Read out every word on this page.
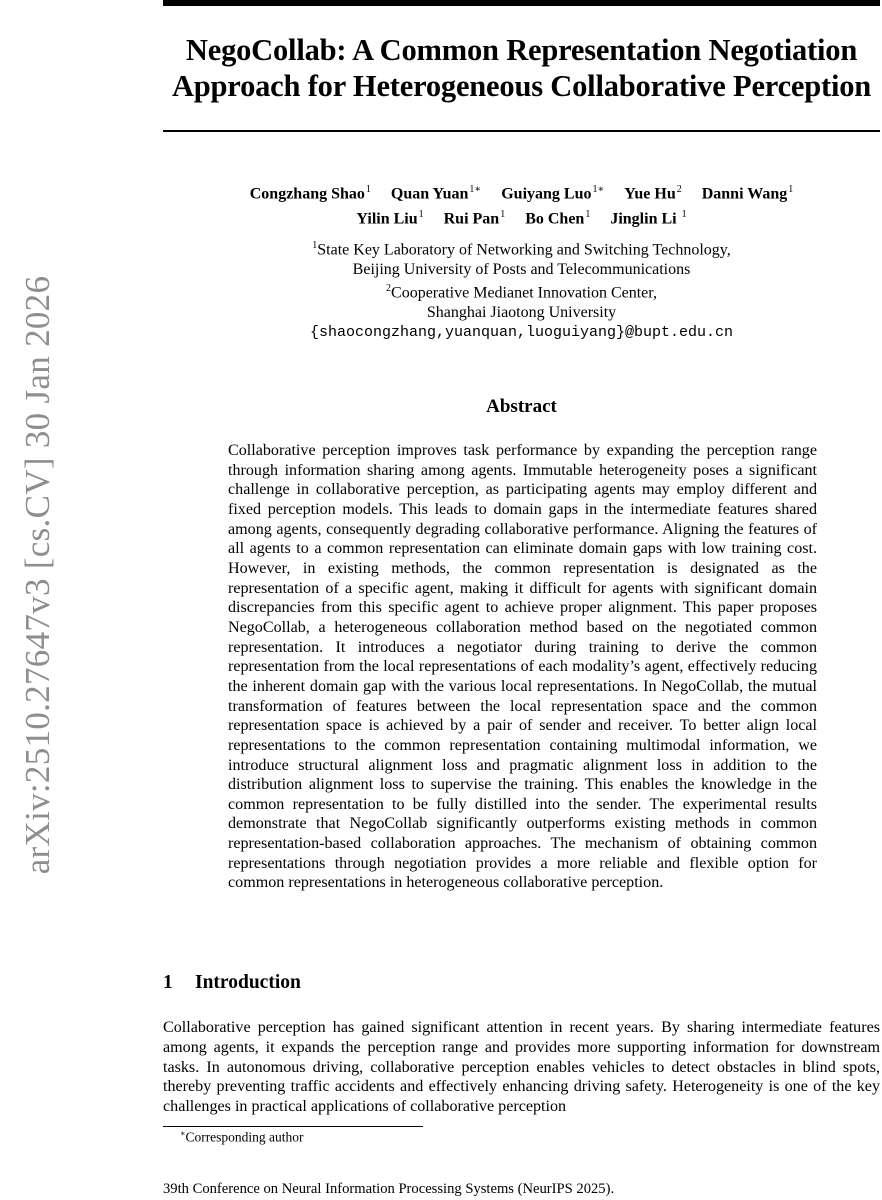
arXiv:2510.27647v3 [cs.CV] 30 Jan 2026
NegoCollab: A Common Representation Negotiation
Approach for Heterogeneous Collaborative Perception
Congzhang Shao$^1$ Quan Yuan$^{1∗}$ Guiyang Luo$^{1∗}$ Yue Hu$^2$ Danni Wang$^1$
Yilin Liu$^1$ Rui Pan$^1$ Bo Chen$^1$ Jinglin Li $^1$
$^1$State Key Laboratory of Networking and Switching Technology,
Beijing University of Posts and Telecommunications
$^2$Cooperative Medianet Innovation Center,
Shanghai Jiaotong University
{shaocongzhang,yuanquan,luoguiyang}@bupt.edu.cn
Abstract
Collaborative perception improves task performance by expanding the perception range through information sharing among agents. Immutable heterogeneity poses a significant challenge in collaborative perception, as participating agents may employ different and fixed perception models. This leads to domain gaps in the intermediate features shared among agents, consequently degrading collaborative performance. Aligning the features of all agents to a common representation can eliminate domain gaps with low training cost. However, in existing methods, the common representation is designated as the representation of a specific agent, making it difficult for agents with significant domain discrepancies from this specific agent to achieve proper alignment. This paper proposes NegoCollab, a heterogeneous collaboration method based on the negotiated common representation. It introduces a negotiator during training to derive the common representation from the local representations of each modality’s agent, effectively reducing the inherent domain gap with the various local representations. In NegoCollab, the mutual transformation of features between the local representation space and the common representation space is achieved by a pair of sender and receiver. To better align local representations to the common representation containing multimodal information, we introduce structural alignment loss and pragmatic alignment loss in addition to the distribution alignment loss to supervise the training. This enables the knowledge in the common representation to be fully distilled into the sender. The experimental results demonstrate that NegoCollab significantly outperforms existing methods in common representation-based collaboration approaches. The mechanism of obtaining common representations through negotiation provides a more reliable and flexible option for common representations in heterogeneous collaborative perception.
1 Introduction
Collaborative perception has gained significant attention in recent years. By sharing intermediate features among agents, it expands the perception range and provides more supporting information for downstream tasks. In autonomous driving, collaborative perception enables vehicles to detect obstacles in blind spots, thereby preventing traffic accidents and effectively enhancing driving safety. Heterogeneity is one of the key challenges in practical applications of collaborative perception
∗Corresponding author
39th Conference on Neural Information Processing Systems (NeurIPS 2025).
